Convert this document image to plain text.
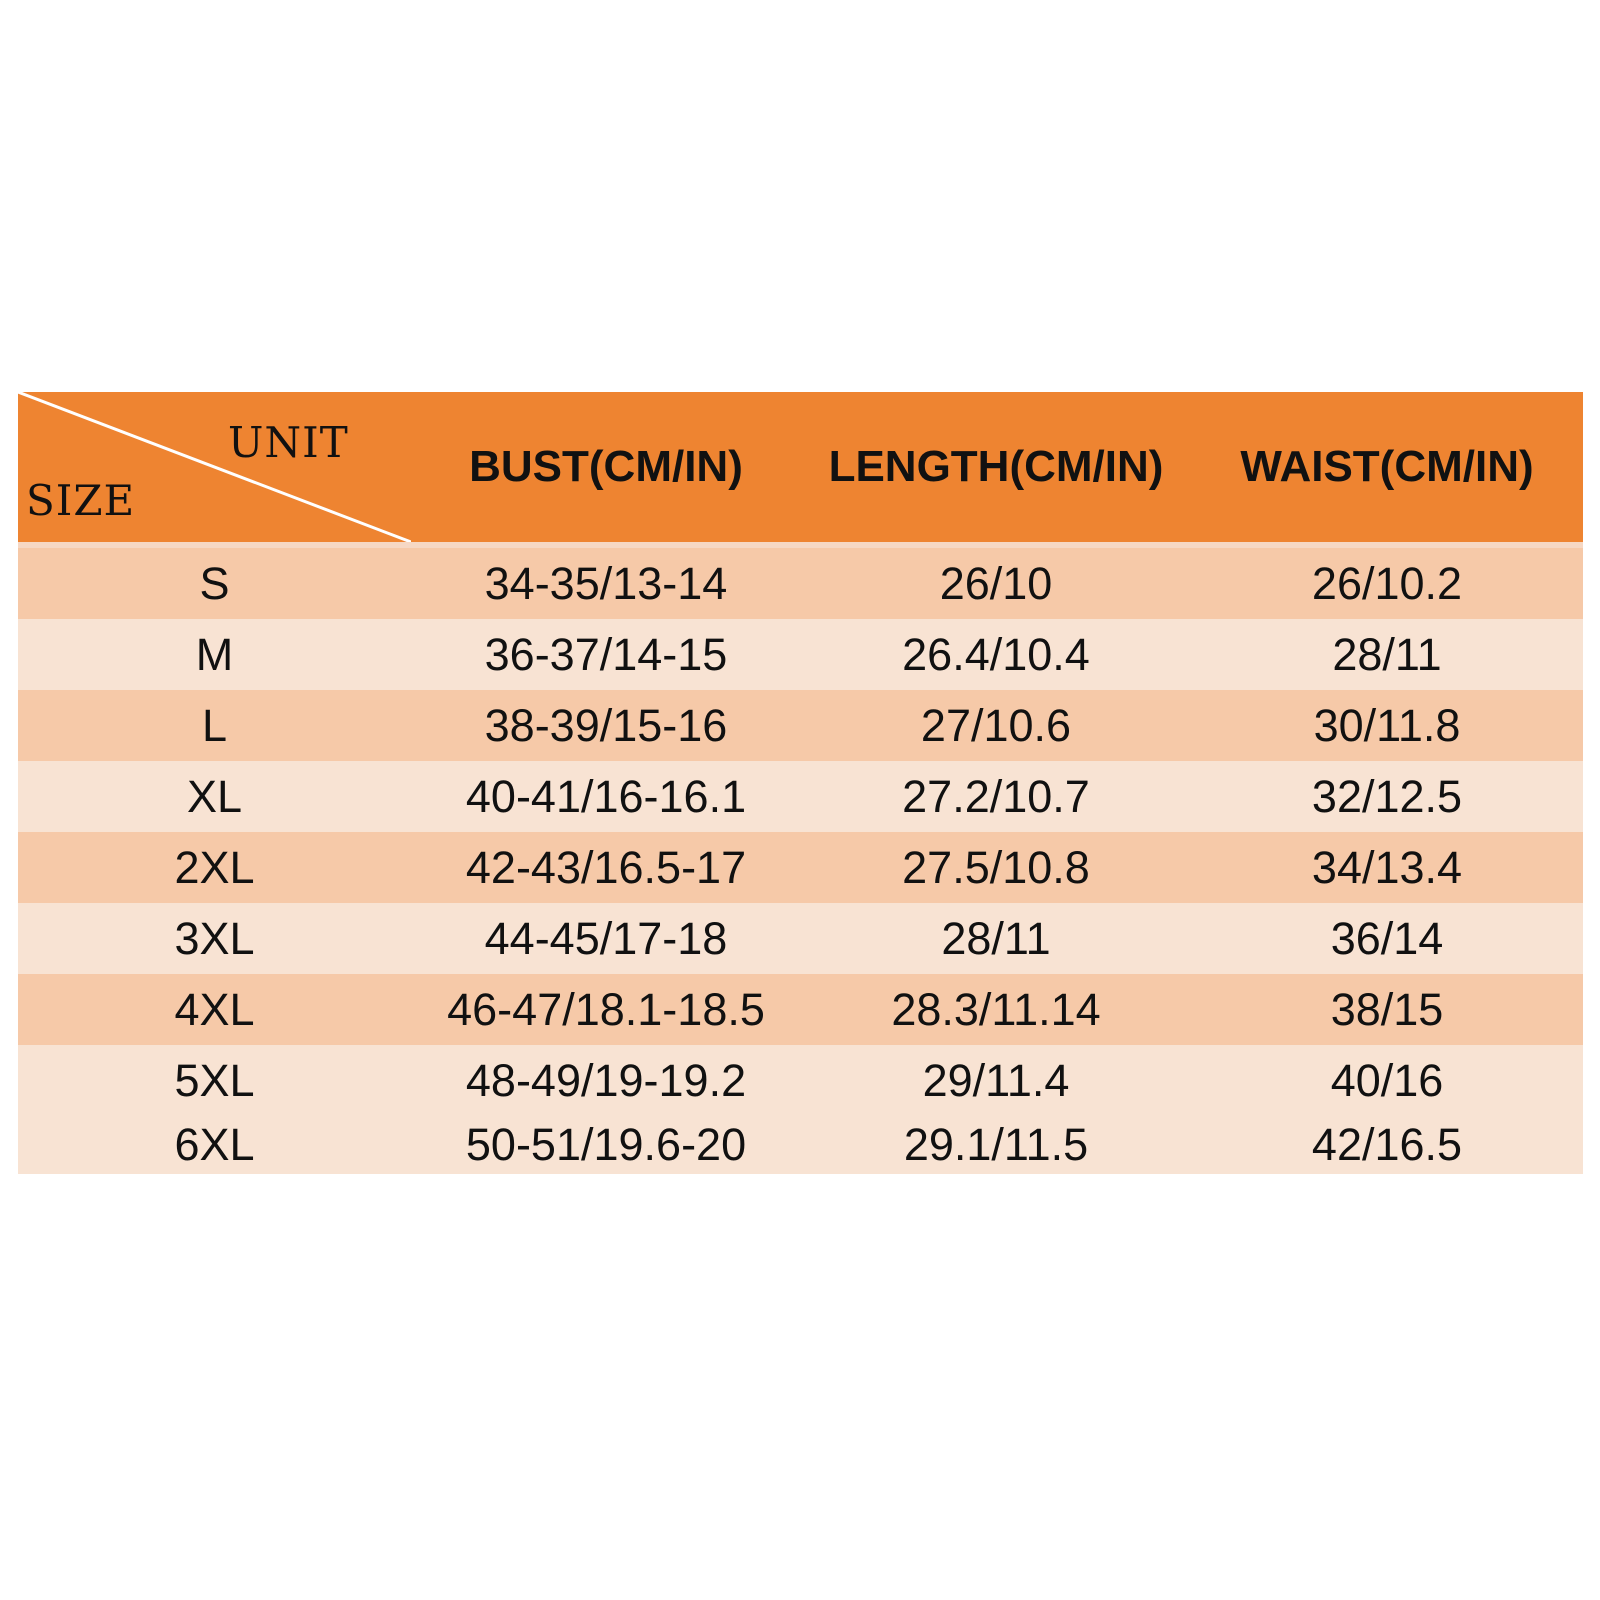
UNIT
SIZE
BUST(CM/IN)	LENGTH(CM/IN)	WAIST(CM/IN)
S	34-35/13-14	26/10	26/10.2
M	36-37/14-15	26.4/10.4	28/11
L	38-39/15-16	27/10.6	30/11.8
XL	40-41/16-16.1	27.2/10.7	32/12.5
2XL	42-43/16.5-17	27.5/10.8	34/13.4
3XL	44-45/17-18	28/11	36/14
4XL	46-47/18.1-18.5	28.3/11.14	38/15
5XL	48-49/19-19.2	29/11.4	40/16
6XL	50-51/19.6-20	29.1/11.5	42/16.5
